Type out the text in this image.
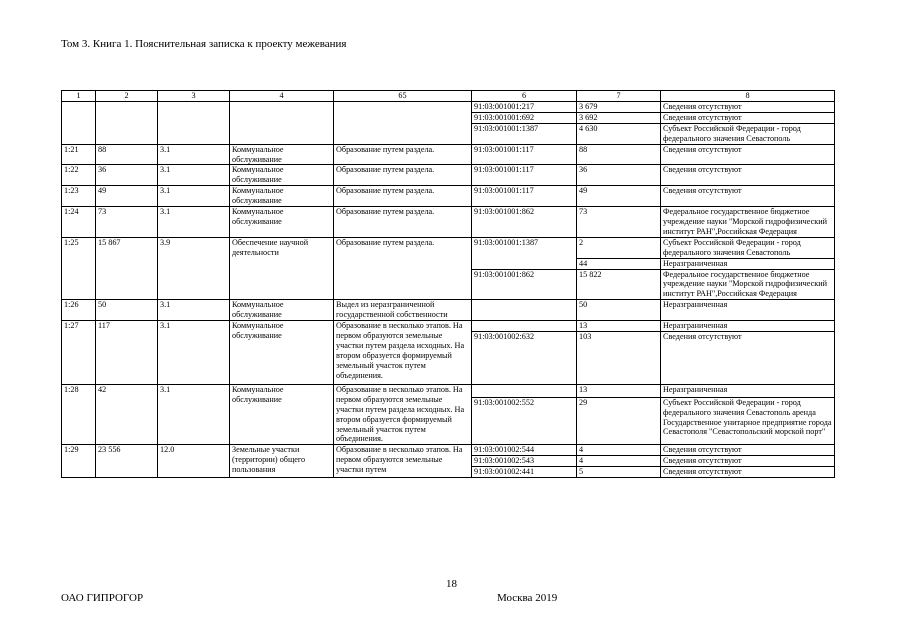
Том 3. Книга 1. Пояснительная записка к проекту межевания
1	2	3	4	65	6	7	8
					91:03:001001:217	3 679	Сведения отсутствуют
					91:03:001001:692	3 692	Сведения отсутствуют
					91:03:001001:1387	4 630	Субъект Российской Федерации - город федерального значения Севастополь
1:21	88	3.1	Коммунальное обслуживание	Образование путем раздела.	91:03:001001:117	88	Сведения отсутствуют
1:22	36	3.1	Коммунальное обслуживание	Образование путем раздела.	91:03:001001:117	36	Сведения отсутствуют
1:23	49	3.1	Коммунальное обслуживание	Образование путем раздела.	91:03:001001:117	49	Сведения отсутствуют
1:24	73	3.1	Коммунальное обслуживание	Образование путем раздела.	91:03:001001:862	73	Федеральное государственное бюджетное учреждение науки "Морской гидрофизический институт РАН",Российская Федерация
1:25	15 867	3.9	Обеспечение научной деятельности	Образование путем раздела.	91:03:001001:1387	2	Субъект Российской Федерации - город федерального значения Севастополь
						44	Неразграниченная
					91:03:001001:862	15 822	Федеральное государственное бюджетное учреждение науки "Морской гидрофизический институт РАН",Российская Федерация
1:26	50	3.1	Коммунальное обслуживание	Выдел из неразграниченной государственной собственности		50	Неразграниченная
1:27	117	3.1	Коммунальное обслуживание	Образование в несколько этапов. На первом образуются земельные участки путем раздела исходных. На втором образуется формируемый земельный участок путем объединения.		13	Неразграниченная
					91:03:001002:632	103	Сведения отсутствуют
1:28	42	3.1	Коммунальное обслуживание	Образование в несколько этапов. На первом образуются земельные участки путем раздела исходных. На втором образуется формируемый земельный участок путем объединения.		13	Неразграниченная
					91:03:001002:552	29	Субъект Российской Федерации - город федерального значения Севастополь аренда Государственное унитарное предприятие города Севастополя "Севастопольский морской порт"
1:29	23 556	12.0	Земельные участки (территории) общего пользования	Образование в несколько этапов. На первом образуются земельные участки путем	91:03:001002:544	4	Сведения отсутствуют
					91:03:001002:543	4	Сведения отсутствуют
					91:03:001002:441	5	Сведения отсутствуют
18
ОАО ГИПРОГОР	Москва 2019
